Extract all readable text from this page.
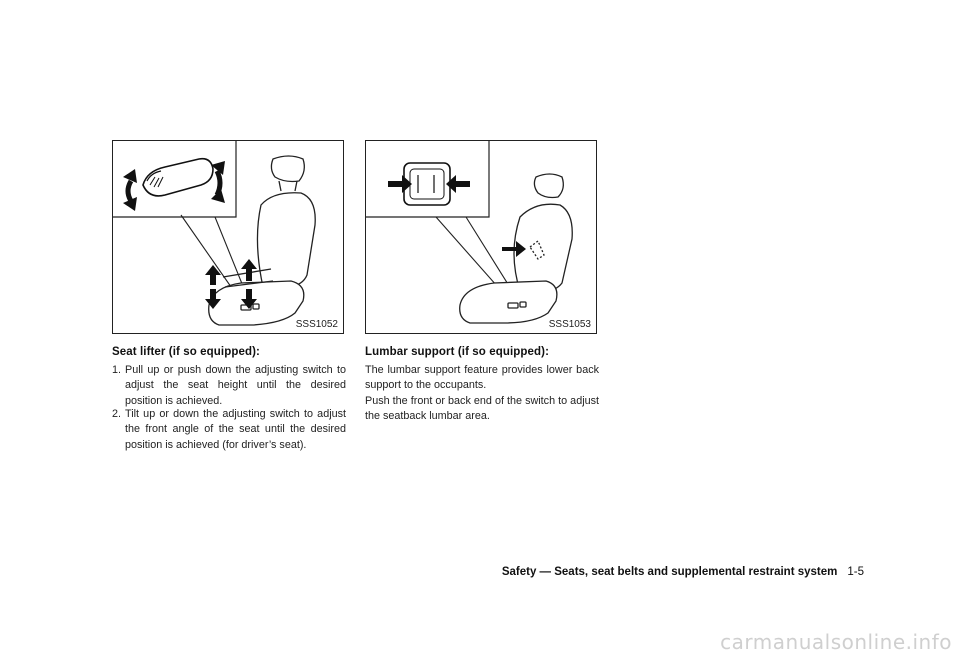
SSS1052	SSS1053
Seat lifter (if so equipped):
1. Pull up or push down the adjusting switch to adjust the seat height until the desired position is achieved.
2. Tilt up or down the adjusting switch to adjust the front angle of the seat until the desired position is achieved (for driver’s seat).
Lumbar support (if so equipped):
The lumbar support feature provides lower back support to the occupants.
Push the front or back end of the switch to adjust the seatback lumbar area.
Safety — Seats, seat belts and supplemental restraint system 1-5
carmanualsonline.info
